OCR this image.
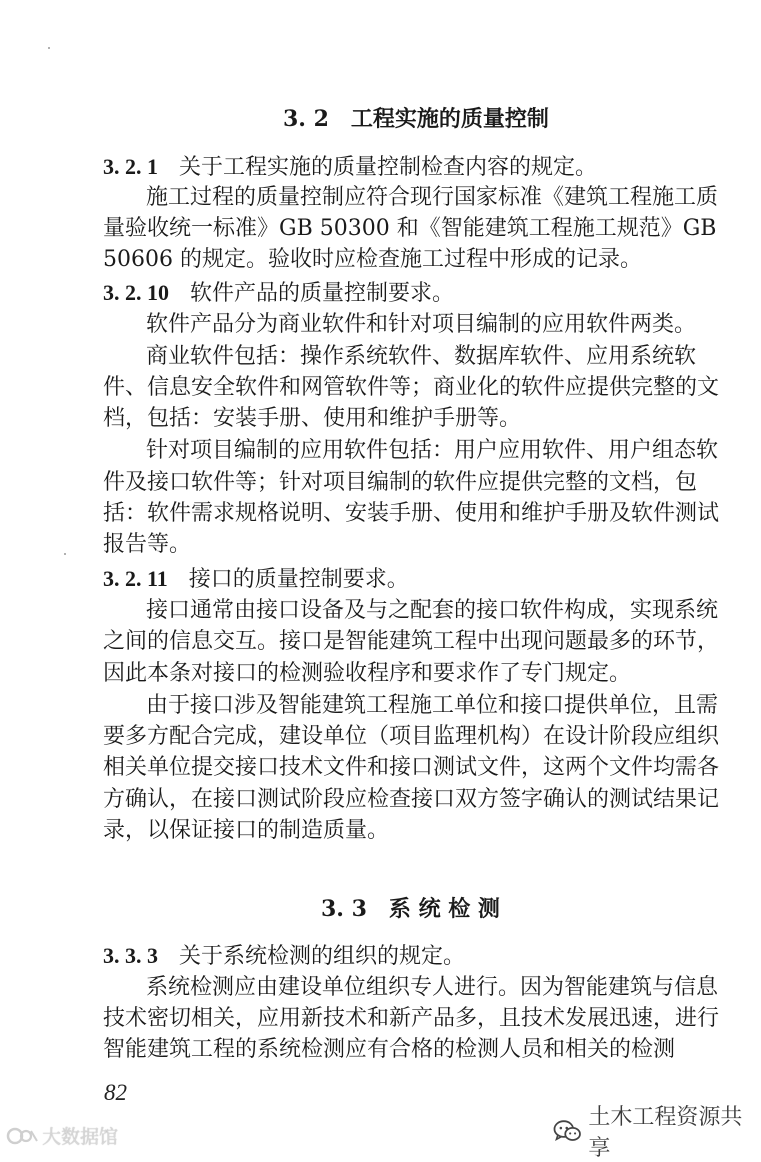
3. 2　工程实施的质量控制
3. 2. 1 关于工程实施的质量控制检查内容的规定。
施工过程的质量控制应符合现行国家标准《建筑工程施工质
量验收统一标准》GB 50300 和《智能建筑工程施工规范》GB
50606 的规定。验收时应检查施工过程中形成的记录。
3. 2. 10 软件产品的质量控制要求。
软件产品分为商业软件和针对项目编制的应用软件两类。
商业软件包括：操作系统软件、数据库软件、应用系统软
件、信息安全软件和网管软件等；商业化的软件应提供完整的文
档，包括：安装手册、使用和维护手册等。
针对项目编制的应用软件包括：用户应用软件、用户组态软
件及接口软件等；针对项目编制的软件应提供完整的文档，包
括：软件需求规格说明、安装手册、使用和维护手册及软件测试
报告等。
3. 2. 11 接口的质量控制要求。
接口通常由接口设备及与之配套的接口软件构成，实现系统
之间的信息交互。接口是智能建筑工程中出现问题最多的环节，
因此本条对接口的检测验收程序和要求作了专门规定。
由于接口涉及智能建筑工程施工单位和接口提供单位，且需
要多方配合完成，建设单位（项目监理机构）在设计阶段应组织
相关单位提交接口技术文件和接口测试文件，这两个文件均需各
方确认，在接口测试阶段应检查接口双方签字确认的测试结果记
录，以保证接口的制造质量。
3. 3　系 统 检 测
3. 3. 3 关于系统检测的组织的规定。
系统检测应由建设单位组织专人进行。因为智能建筑与信息
技术密切相关，应用新技术和新产品多，且技术发展迅速，进行
智能建筑工程的系统检测应有合格的检测人员和相关的检测
82
土木工程资源共享
大数据馆
